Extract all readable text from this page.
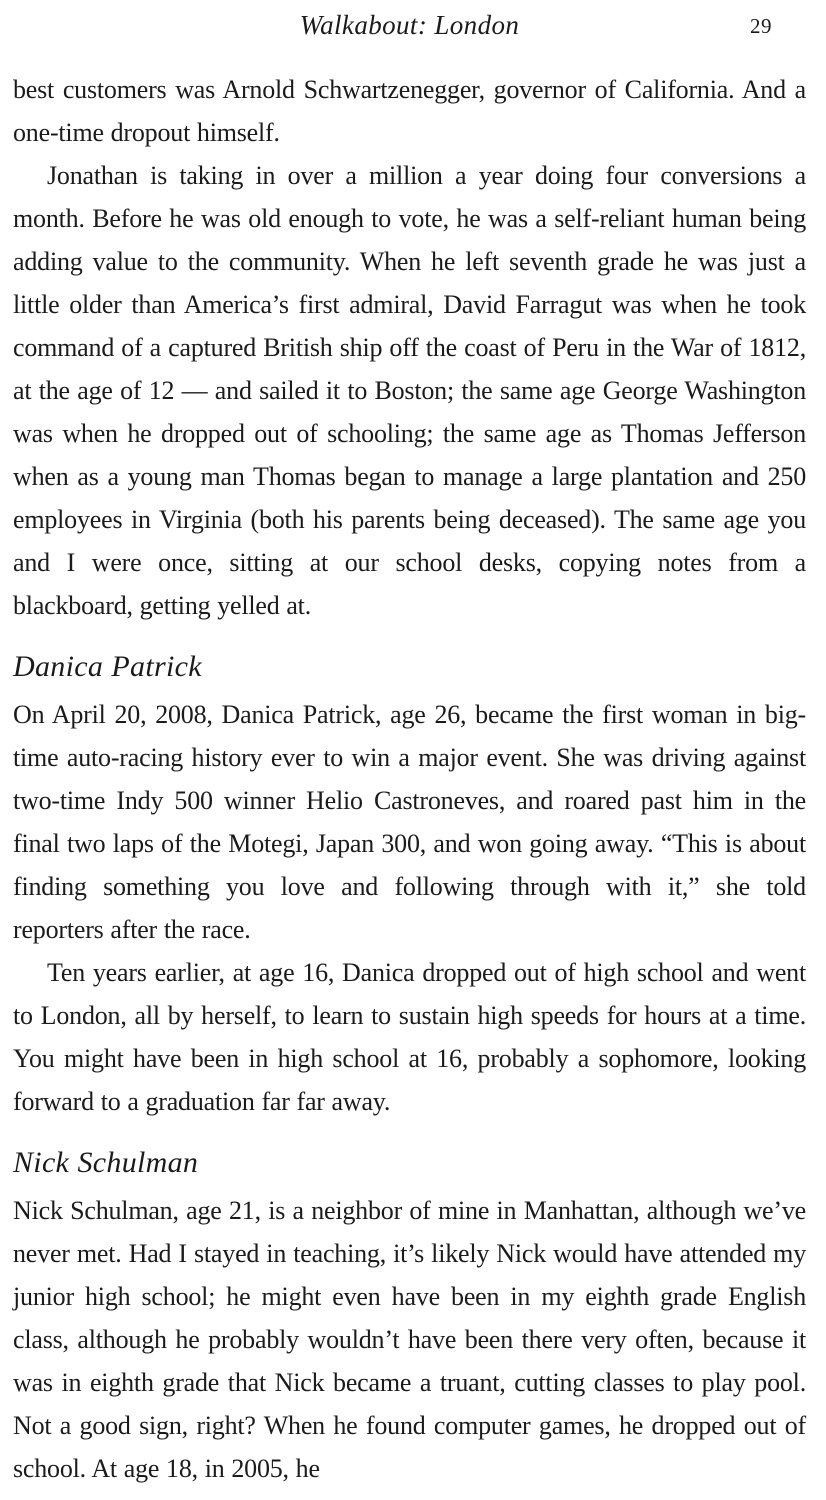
Walkabout: London	29

best customers was Arnold Schwartzenegger, governor of California. And a one-time dropout himself.

Jonathan is taking in over a million a year doing four conversions a month. Before he was old enough to vote, he was a self-reliant human being adding value to the community. When he left seventh grade he was just a little older than America’s first admiral, David Farragut was when he took command of a captured British ship off the coast of Peru in the War of 1812, at the age of 12 — and sailed it to Boston; the same age George Washington was when he dropped out of schooling; the same age as Thomas Jefferson when as a young man Thomas began to manage a large plantation and 250 employees in Virginia (both his parents being deceased). The same age you and I were once, sitting at our school desks, copying notes from a blackboard, getting yelled at.

Danica Patrick

On April 20, 2008, Danica Patrick, age 26, became the first woman in big-time auto-racing history ever to win a major event. She was driving against two-time Indy 500 winner Helio Castroneves, and roared past him in the final two laps of the Motegi, Japan 300, and won going away. “This is about finding something you love and following through with it,” she told reporters after the race.

Ten years earlier, at age 16, Danica dropped out of high school and went to London, all by herself, to learn to sustain high speeds for hours at a time. You might have been in high school at 16, probably a sophomore, looking forward to a graduation far far away.

Nick Schulman

Nick Schulman, age 21, is a neighbor of mine in Manhattan, although we’ve never met. Had I stayed in teaching, it’s likely Nick would have attended my junior high school; he might even have been in my eighth grade English class, although he probably wouldn’t have been there very often, because it was in eighth grade that Nick became a truant, cutting classes to play pool. Not a good sign, right? When he found computer games, he dropped out of school. At age 18, in 2005, he
